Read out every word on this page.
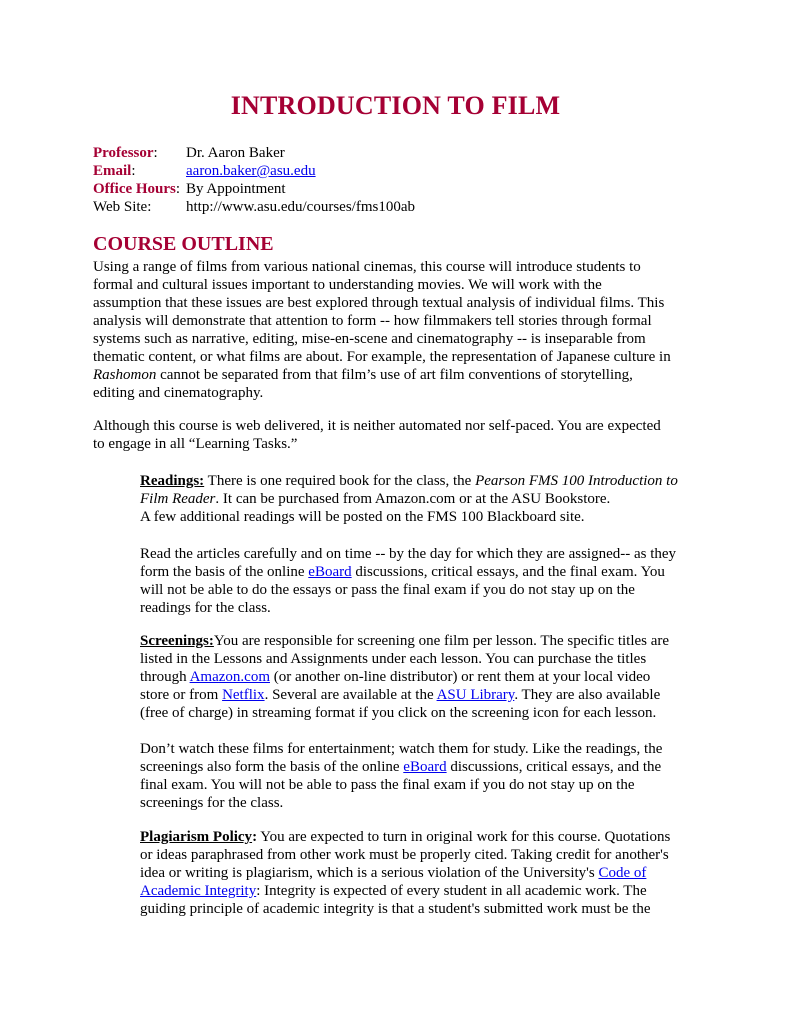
INTRODUCTION TO FILM
Professor:	Dr. Aaron Baker
Email:	aaron.baker@asu.edu
Office Hours: By Appointment
Web Site:	http://www.asu.edu/courses/fms100ab
COURSE OUTLINE
Using a range of films from various national cinemas, this course will introduce students to
formal and cultural issues important to understanding movies. We will work with the
assumption that these issues are best explored through textual analysis of individual films. This
analysis will demonstrate that attention to form -- how filmmakers tell stories through formal
systems such as narrative, editing, mise-en-scene and cinematography -- is inseparable from
thematic content, or what films are about. For example, the representation of Japanese culture in
Rashomon cannot be separated from that film’s use of art film conventions of storytelling,
editing and cinematography.
Although this course is web delivered, it is neither automated nor self-paced. You are expected
to engage in all “Learning Tasks.”
Readings: There is one required book for the class, the Pearson FMS 100 Introduction to
Film Reader. It can be purchased from Amazon.com or at the ASU Bookstore.
A few additional readings will be posted on the FMS 100 Blackboard site.
Read the articles carefully and on time -- by the day for which they are assigned-- as they
form the basis of the online eBoard discussions, critical essays, and the final exam. You
will not be able to do the essays or pass the final exam if you do not stay up on the
readings for the class.
Screenings:You are responsible for screening one film per lesson. The specific titles are
listed in the Lessons and Assignments under each lesson. You can purchase the titles
through Amazon.com (or another on-line distributor) or rent them at your local video
store or from Netflix. Several are available at the ASU Library. They are also available
(free of charge) in streaming format if you click on the screening icon for each lesson.
Don’t watch these films for entertainment; watch them for study. Like the readings, the
screenings also form the basis of the online eBoard discussions, critical essays, and the
final exam. You will not be able to pass the final exam if you do not stay up on the
screenings for the class.
Plagiarism Policy: You are expected to turn in original work for this course. Quotations
or ideas paraphrased from other work must be properly cited. Taking credit for another's
idea or writing is plagiarism, which is a serious violation of the University's Code of
Academic Integrity: Integrity is expected of every student in all academic work. The
guiding principle of academic integrity is that a student's submitted work must be the
